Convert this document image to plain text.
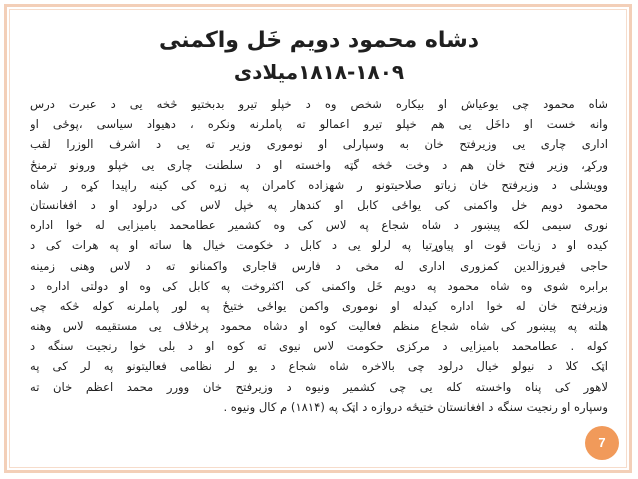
دشاه محمود دویم خَل واکمنی
۱۸۱۸-۱۸۰۹میلادی
شاه محمود چی یوعیاش او بیکاره شخص وه د خپلو تیرو بدبختیو څخه یی د عبرت درس
وانه خست او داخَل یی هم خپلو تیرو اعمالو ته پاملرنه ونکره ، دهیواد سیاسی ،پوځی او
اداری چاری یی وزیرفتح خان به وسپارلی او نوموری وزیر ته یی د اشرف الوزرا لقب
ورکړ، وزیر فتح خان هم د وخت څخه گټه واخسته او د سلطنت چاری یی خپلو ورونو ترمنځ
وویشلی د وزیرفتح خان زیاتو صلاحیتونو ر شهزاده کامران په زړه کی کینه راپیدا کړه ر شاه
محمود دویم خل واکمنی کی یواځی کابل او کندهار په خپل لاس کی درلود او د افغانستان
نوری سیمی لکه پیښور د شاه شجاع په لاس کی وه کشمیر عطامحمد بامیزایی له خوا اداره
کیده او د زیات قوت او پیاوړتیا په لرلو یی د کابل د خکومت خیال ها ساته او په هرات کی د
حاجی فیروزالدین کمزوری اداری له مخی د فارس قاجاری واکمنانو ته د لاس وهنی زمینه
برابره شوی وه شاه محمود په دویم خَل واکمنی کی اکثروخت په کابل کی وه او دولتی اداره د
وزیرفتح خان له خوا اداره کیدله او نوموری واکمن یواځی ختیځ په لور پاملرنه کوله څکه چی
هلته په پیښور کی شاه شجاع منظم فعالیت کوه او دشاه محمود پرخلاف یی مستقیمه لاس وهنه
کوله . عطامحمد بامیزایی د مرکزی حکومت لاس نیوی ته کوه او د بلی خوا رنجیت سنگه د
اټک کلا د نیولو خیال درلود چی بالاخره شاه شجاع د یو لر نظامی فعالیتونو په لر کی په
لاهور کی پناه واخسته کله یی چی کشمیر ونیوه د وزیرفتح خان وورر محمد اعظم خان ته
وسپاره او رنجیت سنگه د افغانستان ختیځه دروازه د اټک په (۱۸۱۴) م کال ونیوه .
7
